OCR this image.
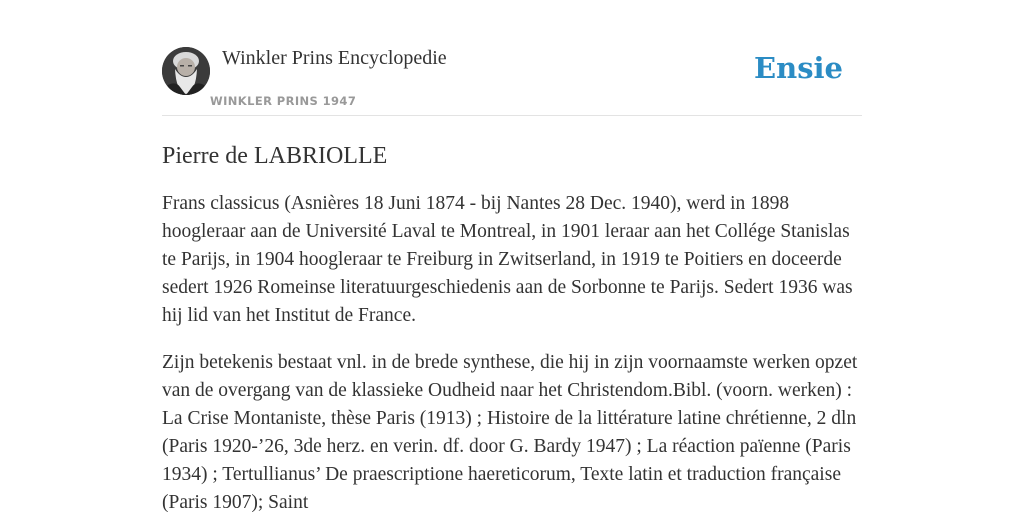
Winkler Prins Encyclopedie
WINKLER PRINS 1947
Ensie
Pierre de LABRIOLLE

Frans classicus (Asnières 18 Juni 1874 - bij Nantes 28 Dec. 1940), werd in 1898 hoogleraar aan de Université Laval te Montreal, in 1901 leraar aan het Collége Stanislas te Parijs, in 1904 hoogleraar te Freiburg in Zwitserland, in 1919 te Poitiers en doceerde sedert 1926 Romeinse literatuurgeschiedenis aan de Sorbonne te Parijs. Sedert 1936 was hij lid van het Institut de France.

Zijn betekenis bestaat vnl. in de brede synthese, die hij in zijn voornaamste werken opzet van de overgang van de klassieke Oudheid naar het Christendom.Bibl. (voorn. werken) : La Crise Montaniste, thèse Paris (1913) ; Histoire de la littérature latine chrétienne, 2 dln (Paris 1920-’26, 3de herz. en verin. df. door G. Bardy 1947) ; La réaction païenne (Paris 1934) ; Tertullianus’ De praescriptione haereticorum, Texte latin et traduction française (Paris 1907); Saint
